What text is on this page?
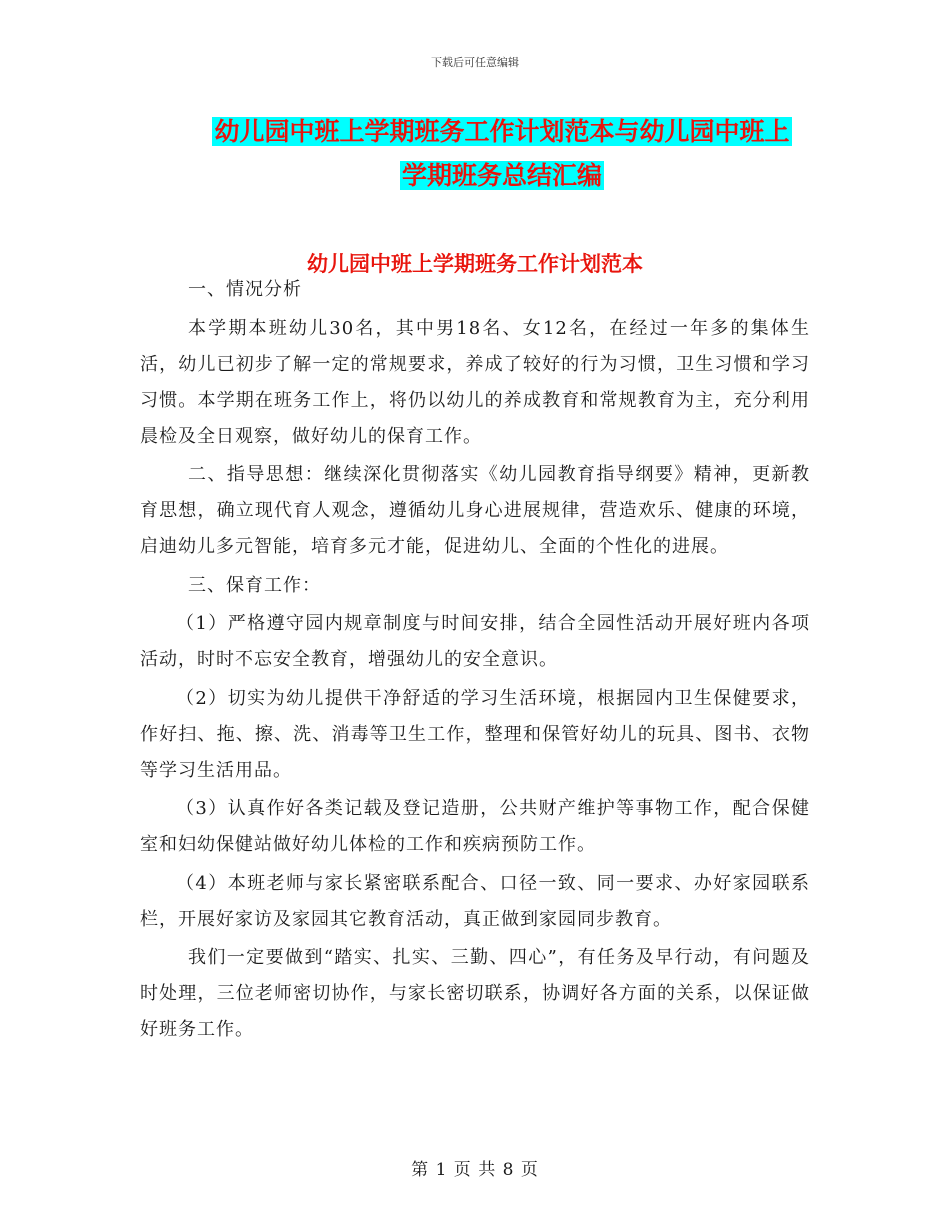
下载后可任意编辑
幼儿园中班上学期班务工作计划范本与幼儿园中班上
学期班务总结汇编
幼儿园中班上学期班务工作计划范本

一、情况分析

本学期本班幼儿30名，其中男18名、女12名，在经过一年多的集体生活，幼儿已初步了解一定的常规要求，养成了较好的行为习惯，卫生习惯和学习习惯。本学期在班务工作上，将仍以幼儿的养成教育和常规教育为主，充分利用晨检及全日观察，做好幼儿的保育工作。

二、指导思想：继续深化贯彻落实《幼儿园教育指导纲要》精神，更新教育思想，确立现代育人观念，遵循幼儿身心进展规律，营造欢乐、健康的环境，启迪幼儿多元智能，培育多元才能，促进幼儿、全面的个性化的进展。

三、保育工作：

（1）严格遵守园内规章制度与时间安排，结合全园性活动开展好班内各项活动，时时不忘安全教育，增强幼儿的安全意识。

（2）切实为幼儿提供干净舒适的学习生活环境，根据园内卫生保健要求，作好扫、拖、擦、洗、消毒等卫生工作，整理和保管好幼儿的玩具、图书、衣物等学习生活用品。

（3）认真作好各类记载及登记造册，公共财产维护等事物工作，配合保健室和妇幼保健站做好幼儿体检的工作和疾病预防工作。

（4）本班老师与家长紧密联系配合、口径一致、同一要求、办好家园联系栏，开展好家访及家园其它教育活动，真正做到家园同步教育。

我们一定要做到“踏实、扎实、三勤、四心”，有任务及早行动，有问题及时处理，三位老师密切协作，与家长密切联系，协调好各方面的关系，以保证做好班务工作。

第 1 页 共 8 页
